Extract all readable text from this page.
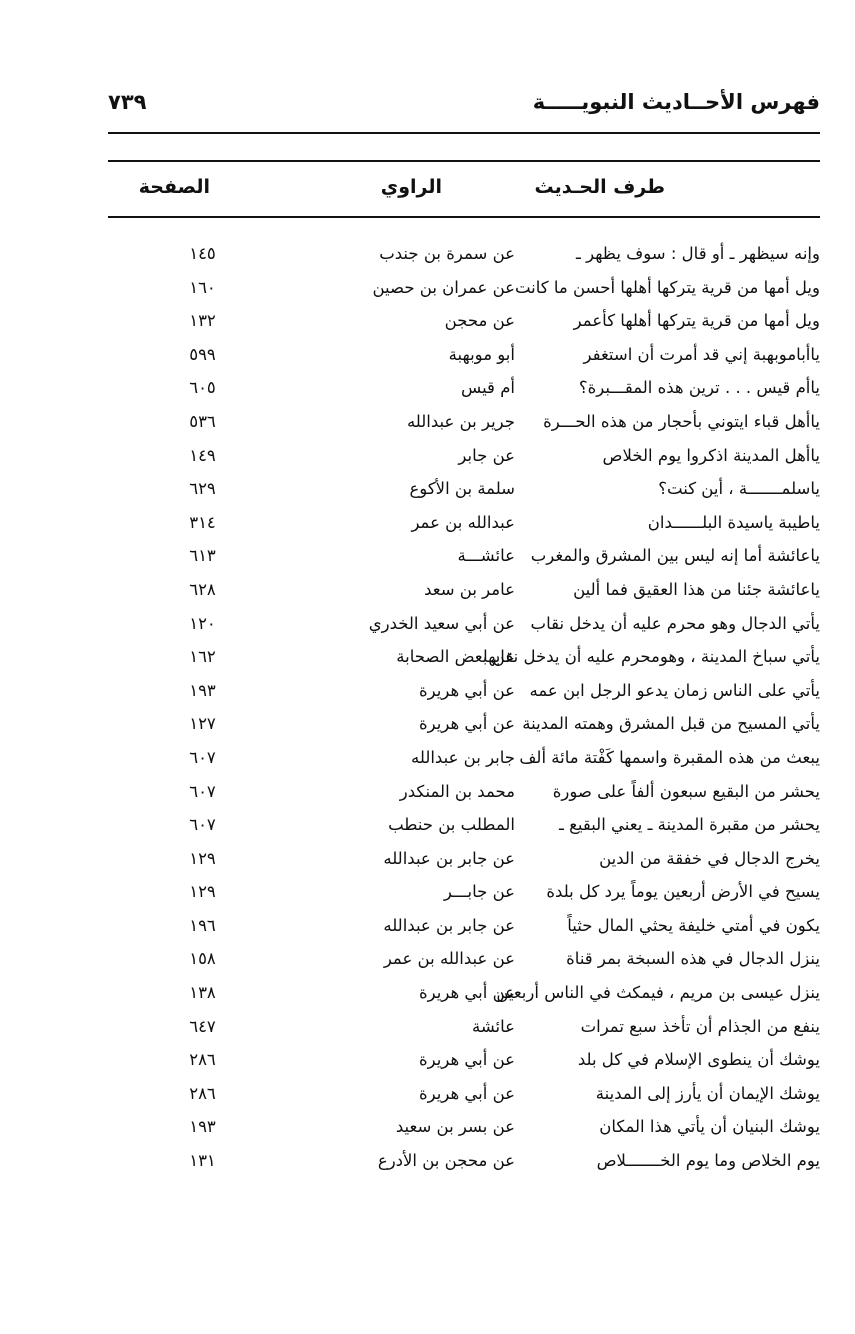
٧٣٩	فهرس الأحــاديث النبويـــــة
طرف الحـديث
الراوي
الصفحة
وإنه سيظهر ـ أو قال : سوف يظهر ـ
عن سمرة بن جندب
١٤٥
ويل أمها من قرية يتركها أهلها أحسن ما كانت
عن عمران بن حصين
١٦٠
ويل أمها من قرية يتركها أهلها كأعمر
عن محجن
١٣٢
ياأباموبهبة إني قد أمرت أن استغفر
أبو موبهبة
٥٩٩
ياأم قيس . . . ترين هذه المقـــبرة؟
أم قيس
٦٠٥
ياأهل قباء ايتوني بأحجار من هذه الحـــرة
جرير بن عبدالله
٥٣٦
ياأهل المدينة اذكروا يوم الخلاص
عن جابر
١٤٩
ياسلمـــــــة ، أين كنت؟
سلمة بن الأكوع
٦٢٩
ياطيبة ياسيدة البلــــــدان
عبدالله بن عمر
٣١٤
ياعائشة أما إنه ليس بين المشرق والمغرب
عائشـــة
٦١٣
ياعائشة جئنا من هذا العقيق فما ألين
عامر بن سعد
٦٢٨
يأتي الدجال وهو محرم عليه أن يدخل نقاب
عن أبي سعيد الخدري
١٢٠
يأتي سباخ المدينة ، وهومحرم عليه أن يدخل نقابها
عن بعض الصحابة
١٦٢
يأتي على الناس زمان يدعو الرجل ابن عمه
عن أبي هريرة
١٩٣
يأتي المسيح من قبل المشرق وهمته المدينة
عن أبي هريرة
١٢٧
يبعث من هذه المقبرة واسمها كَفْتة مائة ألف
جابر بن عبدالله
٦٠٧
يحشر من البقيع سبعون ألفاً على صورة
محمد بن المنكدر
٦٠٧
يحشر من مقبرة المدينة ـ يعني البقيع ـ
المطلب بن حنطب
٦٠٧
يخرج الدجال في خفقة من الدين
عن جابر بن عبدالله
١٢٩
يسيح في الأرض أربعين يوماً يرد كل بلدة
عن جابـــر
١٢٩
يكون في أمتي خليفة يحثي المال حثياً
عن جابر بن عبدالله
١٩٦
ينزل الدجال في هذه السبخة بمر قناة
عن عبدالله بن عمر
١٥٨
ينزل عيسى بن مريم ، فيمكث في الناس أربعين
عن أبي هريرة
١٣٨
ينفع من الجذام أن تأخذ سبع تمرات
عائشة
٦٤٧
يوشك أن ينطوى الإسلام في كل بلد
عن أبي هريرة
٢٨٦
يوشك الإيمان أن يأرز إلى المدينة
عن أبي هريرة
٢٨٦
يوشك البنيان أن يأتي هذا المكان
عن بسر بن سعيد
١٩٣
يوم الخلاص وما يوم الخـــــــلاص
عن محجن بن الأدرع
١٣١
